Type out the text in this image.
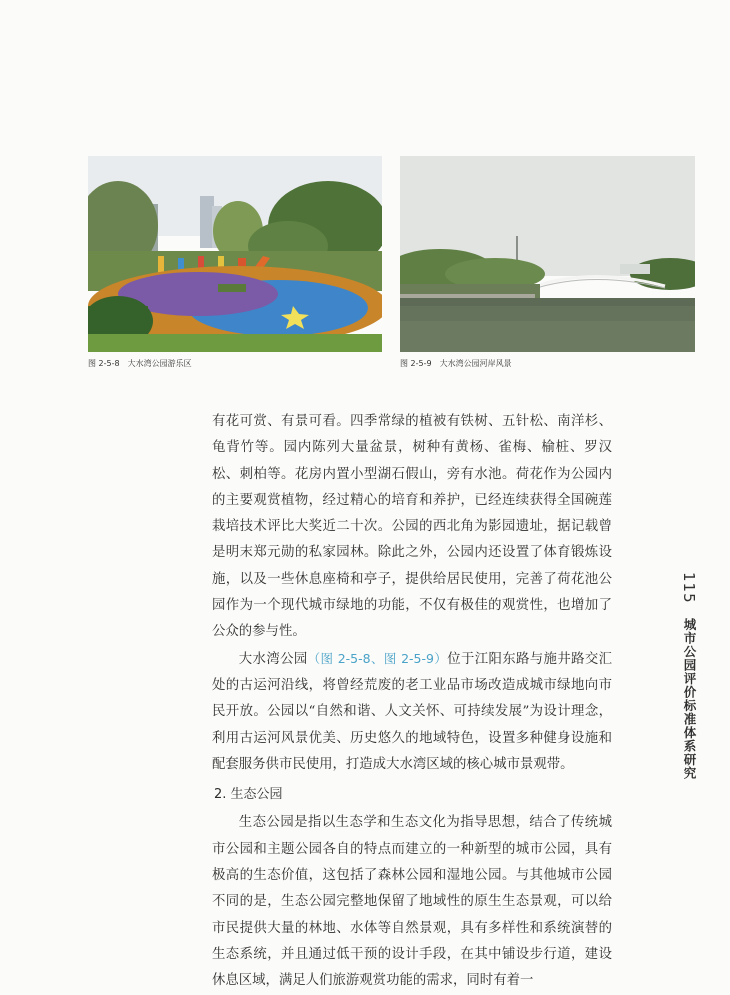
图 2-5-8　大水湾公园游乐区	图 2-5-9　大水湾公园河岸风景

有花可赏、有景可看。四季常绿的植被有铁树、五针松、南洋杉、龟背竹等。园内陈列大量盆景，树种有黄杨、雀梅、榆桩、罗汉松、刺柏等。花房内置小型湖石假山，旁有水池。荷花作为公园内的主要观赏植物，经过精心的培育和养护，已经连续获得全国碗莲栽培技术评比大奖近二十次。公园的西北角为影园遗址，据记载曾是明末郑元勋的私家园林。除此之外，公园内还设置了体育锻炼设施，以及一些休息座椅和亭子，提供给居民使用，完善了荷花池公园作为一个现代城市绿地的功能，不仅有极佳的观赏性，也增加了公众的参与性。

大水湾公园（图 2-5-8、图 2-5-9）位于江阳东路与施井路交汇处的古运河沿线，将曾经荒废的老工业品市场改造成城市绿地向市民开放。公园以“自然和谐、人文关怀、可持续发展”为设计理念，利用古运河风景优美、历史悠久的地域特色，设置多种健身设施和配套服务供市民使用，打造成大水湾区域的核心城市景观带。

2. 生态公园

生态公园是指以生态学和生态文化为指导思想，结合了传统城市公园和主题公园各自的特点而建立的一种新型的城市公园，具有极高的生态价值，这包括了森林公园和湿地公园。与其他城市公园不同的是，生态公园完整地保留了地域性的原生生态景观，可以给市民提供大量的林地、水体等自然景观，具有多样性和系统演替的生态系统，并且通过低干预的设计手段，在其中铺设步行道，建设休息区域，满足人们旅游观赏功能的需求，同时有着一

115
城市公园评价标准体系研究
